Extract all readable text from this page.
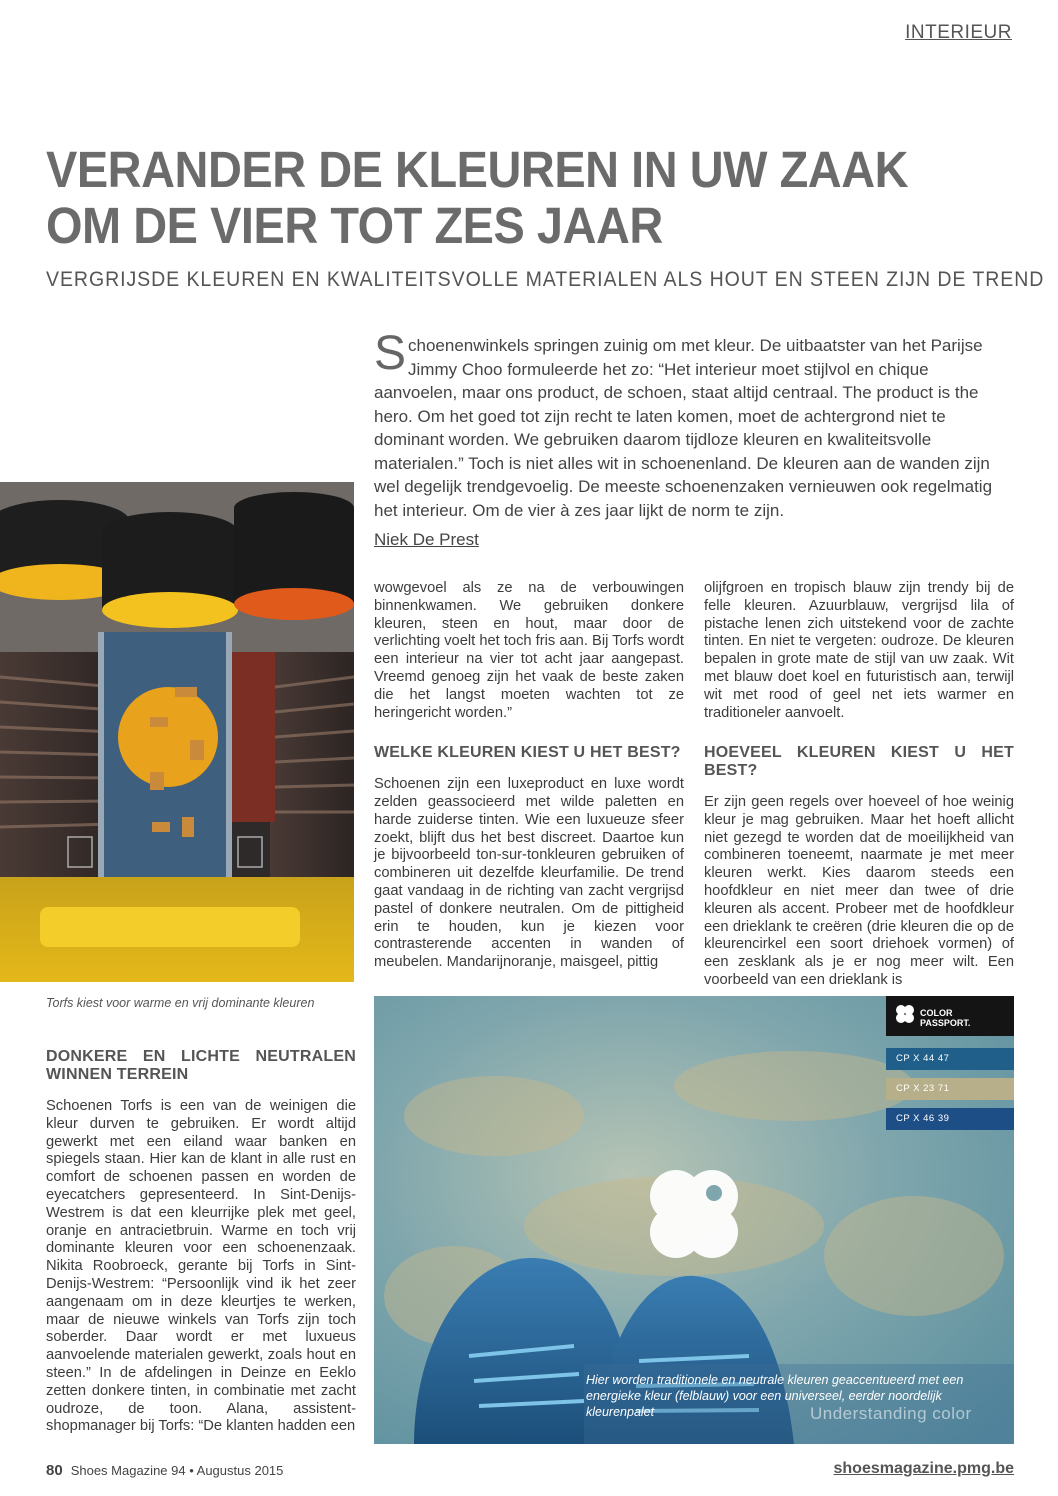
INTERIEUR
VERANDER DE KLEUREN IN UW ZAAK
OM DE VIER TOT ZES JAAR
VERGRIJSDE KLEUREN EN KWALITEITSVOLLE MATERIALEN ALS HOUT EN STEEN ZIJN DE TREND

Schoenenwinkels springen zuinig om met kleur. De uitbaatster van het Parijse Jimmy Choo formuleerde het zo: “Het interieur moet stijlvol en chique aanvoelen, maar ons product, de schoen, staat altijd centraal. The product is the hero. Om het goed tot zijn recht te laten komen, moet de achtergrond niet te dominant worden. We gebruiken daarom tijdloze kleuren en kwaliteitsvolle materialen.” Toch is niet alles wit in schoenenland. De kleuren aan de wanden zijn wel degelijk trendgevoelig. De meeste schoenenzaken vernieuwen ook regelmatig het interieur. Om de vier à zes jaar lijkt de norm te zijn.

Niek De Prest
Torfs kiest voor warme en vrij dominante kleuren

wowgevoel als ze na de verbouwingen binnenkwamen. We gebruiken donkere kleuren, steen en hout, maar door de verlichting voelt het toch fris aan. Bij Torfs wordt een interieur na vier tot acht jaar aangepast. Vreemd genoeg zijn het vaak de beste zaken die het langst moeten wachten tot ze heringericht worden.”

WELKE KLEUREN KIEST U HET BEST?

Schoenen zijn een luxeproduct en luxe wordt zelden geassocieerd met wilde paletten en harde zuiderse tinten. Wie een luxueuze sfeer zoekt, blijft dus het best discreet. Daartoe kun je bijvoorbeeld ton-sur-tonkleuren gebruiken of combineren uit dezelfde kleurfamilie. De trend gaat vandaag in de richting van zacht vergrijsd pastel of donkere neutralen. Om de pittigheid erin te houden, kun je kiezen voor contrasterende accenten in wanden of meubelen. Mandarijnoranje, maisgeel, pittig

olijfgroen en tropisch blauw zijn trendy bij de felle kleuren. Azuurblauw, vergrijsd lila of pistache lenen zich uitstekend voor de zachte tinten. En niet te vergeten: oudroze. De kleuren bepalen in grote mate de stijl van uw zaak. Wit met blauw doet koel en futuristisch aan, terwijl wit met rood of geel net iets warmer en traditioneler aanvoelt.

HOEVEEL KLEUREN KIEST U HET BEST?

Er zijn geen regels over hoeveel of hoe weinig kleur je mag gebruiken. Maar het hoeft allicht niet gezegd te worden dat de moeilijkheid van combineren toeneemt, naarmate je met meer kleuren werkt. Kies daarom steeds een hoofdkleur en niet meer dan twee of drie kleuren als accent. Probeer met de hoofdkleur een drieklank te creëren (drie kleuren die op de kleurencirkel een soort driehoek vormen) of een zesklank als je er nog meer wilt. Een voorbeeld van een drieklank is

DONKERE EN LICHTE NEUTRALEN WINNEN TERREIN

Schoenen Torfs is een van de weinigen die kleur durven te gebruiken. Er wordt altijd gewerkt met een eiland waar banken en spiegels staan. Hier kan de klant in alle rust en comfort de schoenen passen en worden de eyecatchers gepresenteerd. In Sint-Denijs-Westrem is dat een kleurrijke plek met geel, oranje en antracietbruin. Warme en toch vrij dominante kleuren voor een schoenenzaak. Nikita Roobroeck, gerante bij Torfs in Sint-Denijs-Westrem: “Persoonlijk vind ik het zeer aangenaam om in deze kleurtjes te werken, maar de nieuwe winkels van Torfs zijn toch soberder. Daar wordt er met luxueus aanvoelende materialen gewerkt, zoals hout en steen.” In de afdelingen in Deinze en Eeklo zetten donkere tinten, in combinatie met zacht oudroze, de toon. Alana, assistent-shopmanager bij Torfs: “De klanten hadden een

COLOR PASSPORT.
CP X 44 47
CP X 23 71
CP X 46 39
Hier worden traditionele en neutrale kleuren geaccentueerd met een energieke kleur (felblauw) voor een universeel, eerder noordelijk kleurenpalet	Understanding color
80 Shoes Magazine 94 • Augustus 2015	shoesmagazine.pmg.be
